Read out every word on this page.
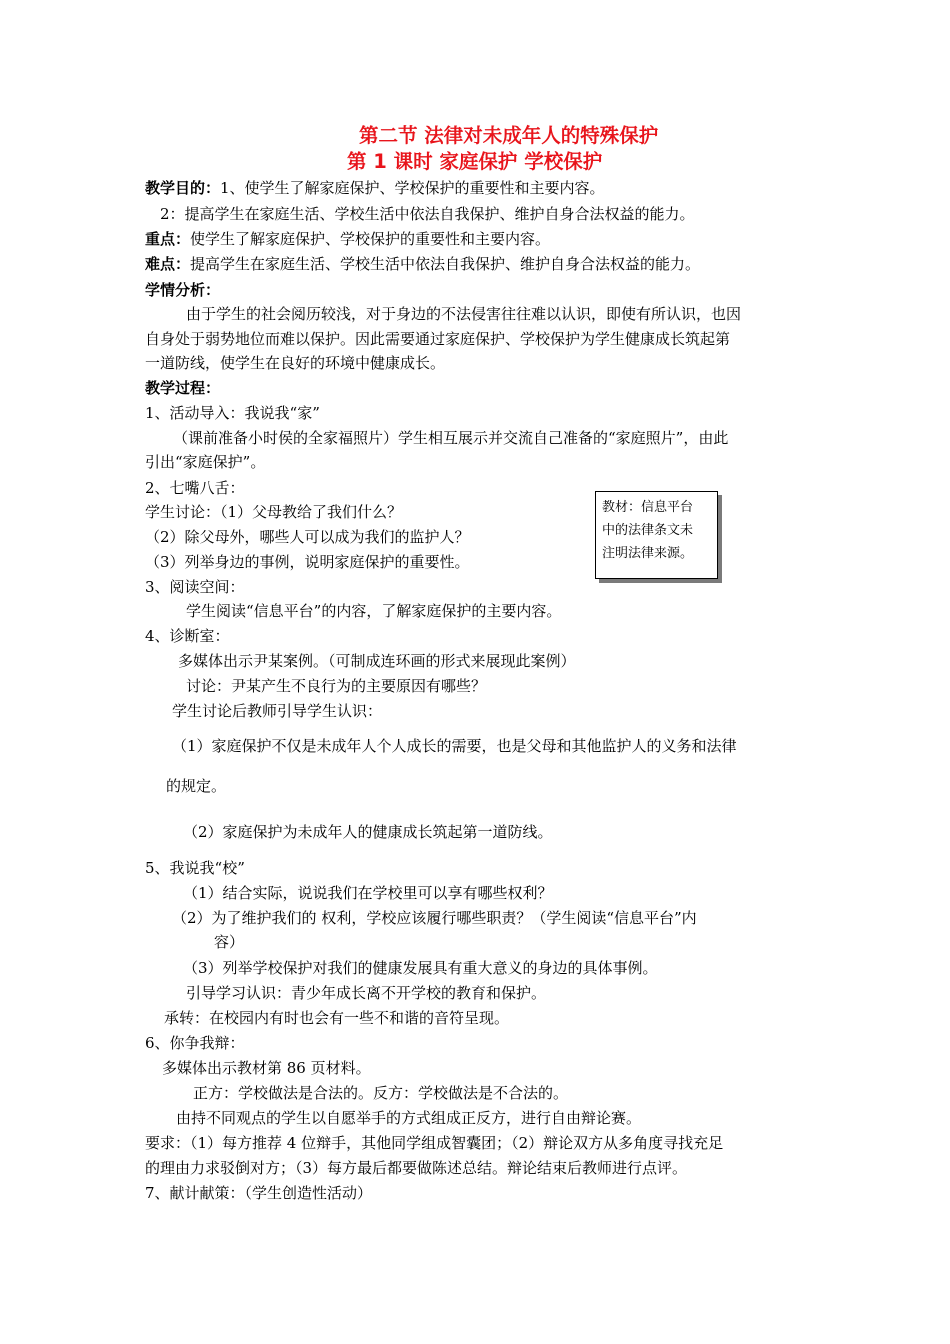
第二节 法律对未成年人的特殊保护
第 1 课时 家庭保护 学校保护
教学目的：1、使学生了解家庭保护、学校保护的重要性和主要内容。
2：提高学生在家庭生活、学校生活中依法自我保护、维护自身合法权益的能力。
重点：使学生了解家庭保护、学校保护的重要性和主要内容。
难点：提高学生在家庭生活、学校生活中依法自我保护、维护自身合法权益的能力。
学情分析：
由于学生的社会阅历较浅，对于身边的不法侵害往往难以认识，即使有所认识，也因
自身处于弱势地位而难以保护。因此需要通过家庭保护、学校保护为学生健康成长筑起第
一道防线，使学生在良好的环境中健康成长。
教学过程：
1、活动导入：我说我“家”
（课前准备小时侯的全家福照片）学生相互展示并交流自己准备的“家庭照片”，由此
引出“家庭保护”。
2、七嘴八舌：
学生讨论：（1）父母教给了我们什么？
（2）除父母外，哪些人可以成为我们的监护人？
（3）列举身边的事例，说明家庭保护的重要性。
教材：信息平台
中的法律条文未
注明法律来源。
3、阅读空间：
学生阅读“信息平台”的内容，了解家庭保护的主要内容。
4、诊断室：
多媒体出示尹某案例。（可制成连环画的形式来展现此案例）
讨论：尹某产生不良行为的主要原因有哪些？
学生讨论后教师引导学生认识：
（1）家庭保护不仅是未成年人个人成长的需要，也是父母和其他监护人的义务和法律
的规定。
（2）家庭保护为未成年人的健康成长筑起第一道防线。
5、我说我“校”
（1）结合实际，说说我们在学校里可以享有哪些权利？
（2）为了维护我们的 权利，学校应该履行哪些职责？（学生阅读“信息平台”内
容）
（3）列举学校保护对我们的健康发展具有重大意义的身边的具体事例。
引导学习认识：青少年成长离不开学校的教育和保护。
承转：在校园内有时也会有一些不和谐的音符呈现。
6、你争我辩：
多媒体出示教材第 86 页材料。
正方：学校做法是合法的。反方：学校做法是不合法的。
由持不同观点的学生以自愿举手的方式组成正反方，进行自由辩论赛。
要求：（1）每方推荐 4 位辩手，其他同学组成智囊团；（2）辩论双方从多角度寻找充足
的理由力求驳倒对方；（3）每方最后都要做陈述总结。辩论结束后教师进行点评。
7、献计献策：（学生创造性活动）
